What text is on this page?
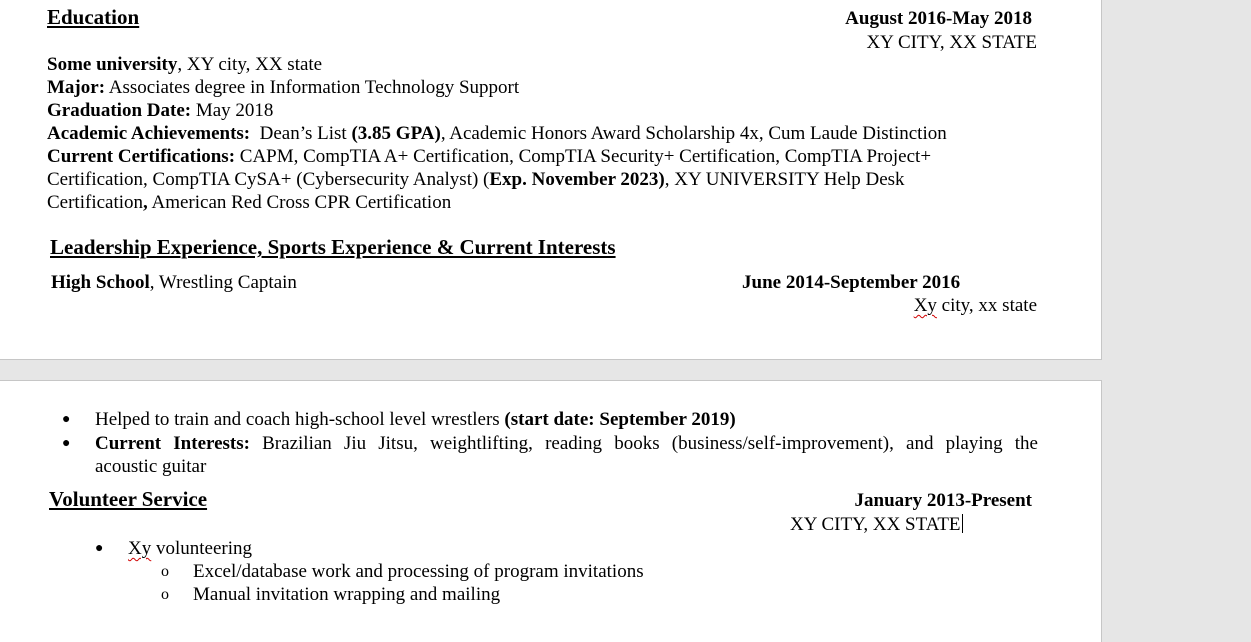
Education	August 2016-May 2018
XY CITY, XX STATE
Some university, XY city, XX state
Major: Associates degree in Information Technology Support
Graduation Date: May 2018
Academic Achievements:  Dean’s List (3.85 GPA), Academic Honors Award Scholarship 4x, Cum Laude Distinction
Current Certifications: CAPM, CompTIA A+ Certification, CompTIA Security+ Certification, CompTIA Project+
Certification, CompTIA CySA+ (Cybersecurity Analyst) (Exp. November 2023), XY UNIVERSITY Help Desk
Certification, American Red Cross CPR Certification
Leadership Experience, Sports Experience & Current Interests
High School, Wrestling Captain	June 2014-September 2016
Xy city, xx state
● Helped to train and coach high-school level wrestlers (start date: September 2019)
● Current Interests: Brazilian Jiu Jitsu, weightlifting, reading books (business/self-improvement), and playing the
acoustic guitar
Volunteer Service	January 2013-Present
XY CITY, XX STATE
● Xy volunteering
o Excel/database work and processing of program invitations
o Manual invitation wrapping and mailing
